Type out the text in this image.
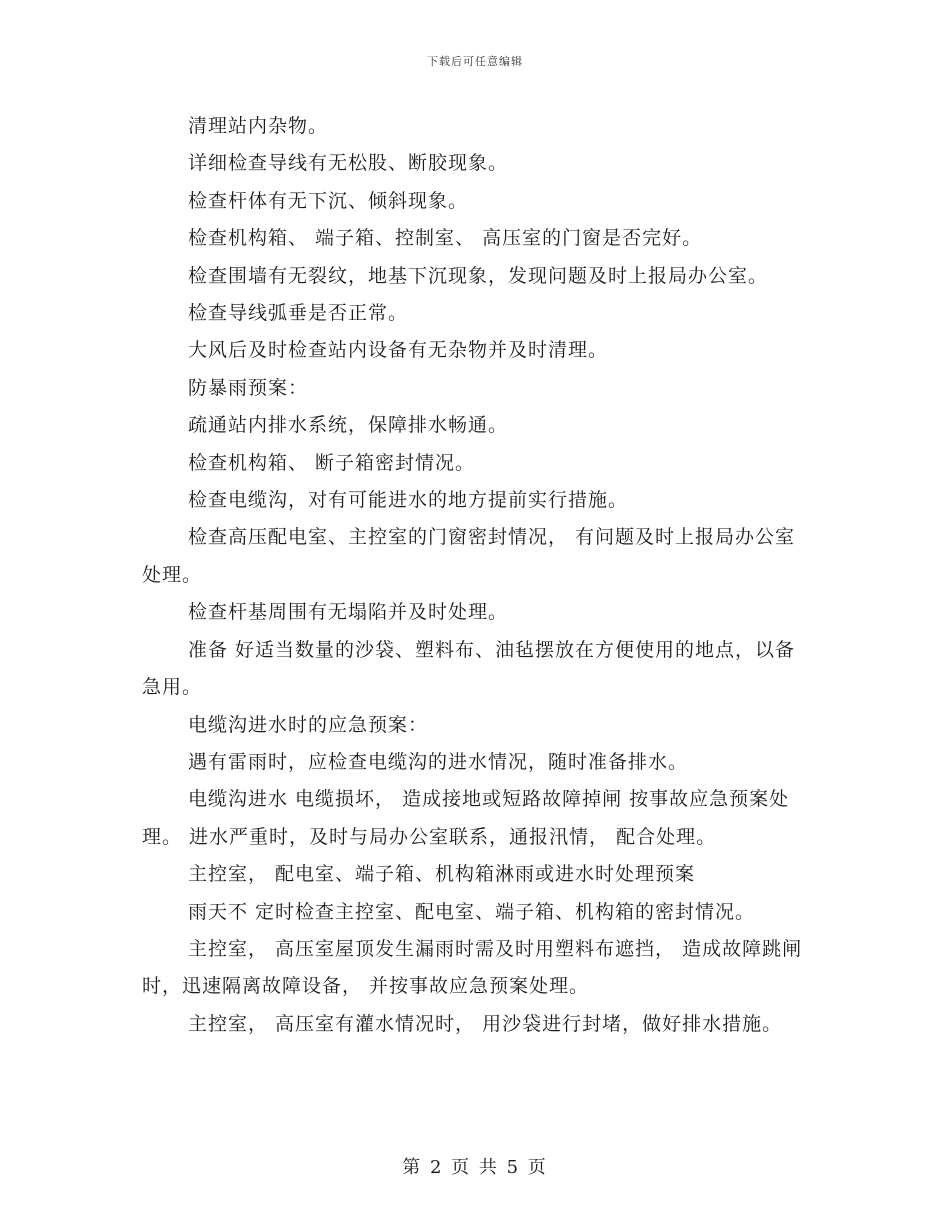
下载后可任意编辑

清理站内杂物。

详细检查导线有无松股、断胶现象。

检查杆体有无下沉、倾斜现象。

检查机构箱、 端子箱、控制室、 高压室的门窗是否完好。

检查围墙有无裂纹，地基下沉现象，发现问题及时上报局办公室。

检查导线弧垂是否正常。

大风后及时检查站内设备有无杂物并及时清理。

防暴雨预案：

疏通站内排水系统，保障排水畅通。

检查机构箱、 断子箱密封情况。

检查电缆沟，对有可能进水的地方提前实行措施。

检查高压配电室、主控室的门窗密封情况， 有问题及时上报局办公室处理。

检查杆基周围有无塌陷并及时处理。

准备 好适当数量的沙袋、塑料布、油毡摆放在方便使用的地点，以备急用。

电缆沟进水时的应急预案：

遇有雷雨时，应检查电缆沟的进水情况，随时准备排水。

电缆沟进水 电缆损坏， 造成接地或短路故障掉闸 按事故应急预案处理。 进水严重时，及时与局办公室联系，通报汛情， 配合处理。

主控室， 配电室、端子箱、机构箱淋雨或进水时处理预案

雨天不 定时检查主控室、配电室、端子箱、机构箱的密封情况。

主控室， 高压室屋顶发生漏雨时需及时用塑料布遮挡， 造成故障跳闸时，迅速隔离故障设备， 并按事故应急预案处理。

主控室， 高压室有灌水情况时， 用沙袋进行封堵，做好排水措施。

第 2 页 共 5 页
